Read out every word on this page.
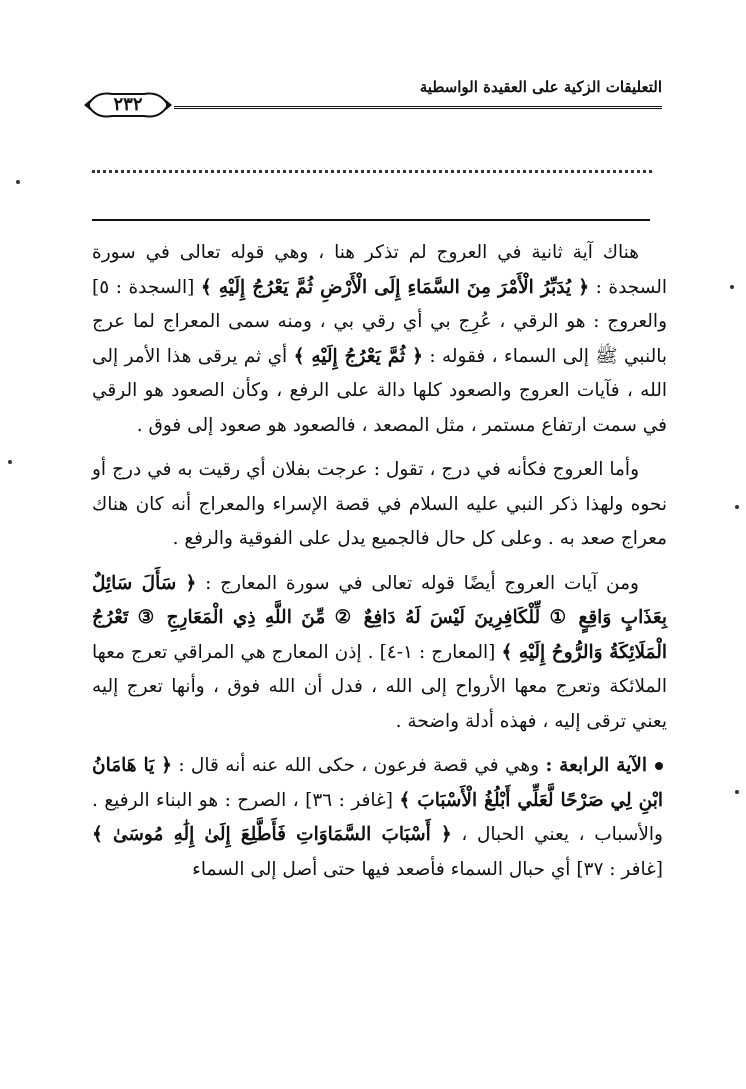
التعليقات الزكية على العقيدة الواسطية
٢٣٢

هناك آية ثانية في العروج لم تذكر هنا ، وهي قوله تعالى في سورة السجدة : ﴿ يُدَبِّرُ الْأَمْرَ مِنَ السَّمَاءِ إِلَى الْأَرْضِ ثُمَّ يَعْرُجُ إِلَيْهِ ﴾ [السجدة : ٥] والعروج : هو الرقي ، عُرِج بي أي رقي بي ، ومنه سمى المعراج لما عرج بالنبي ﷺ إلى السماء ، فقوله : ﴿ ثُمَّ يَعْرُجُ إِلَيْهِ ﴾ أي ثم يرقى هذا الأمر إلى الله ، فآيات العروج والصعود كلها دالة على الرفع ، وكأن الصعود هو الرقي في سمت ارتفاع مستمر ، مثل المصعد ، فالصعود هو صعود إلى فوق .

وأما العروج فكأنه في درج ، تقول : عرجت بفلان أي رقيت به في درج أو نحوه ولهذا ذكر النبي عليه السلام في قصة الإسراء والمعراج أنه كان هناك معراج صعد به . وعلى كل حال فالجميع يدل على الفوقية والرفع .

ومن آيات العروج أيضًا قوله تعالى في سورة المعارج : ﴿ سَأَلَ سَائِلٌ بِعَذَابٍ وَاقِعٍ ① لِّلْكَافِرِينَ لَيْسَ لَهُ دَافِعٌ ② مِّنَ اللَّهِ ذِي الْمَعَارِجِ ③ تَعْرُجُ الْمَلَائِكَةُ وَالرُّوحُ إِلَيْهِ ﴾ [المعارج : ١-٤] . إذن المعارج هي المراقي تعرج معها الملائكة وتعرج معها الأرواح إلى الله ، فدل أن الله فوق ، وأنها تعرج إليه يعني ترقى إليه ، فهذه أدلة واضحة .

الآية الرابعة : وهي في قصة فرعون ، حكى الله عنه أنه قال : ﴿ يَا هَامَانُ ابْنِ لِي صَرْحًا لَّعَلِّي أَبْلُغُ الْأَسْبَابَ ﴾ [غافر : ٣٦] ، الصرح : هو البناء الرفيع . والأسباب ، يعني الحبال ، ﴿ أَسْبَابَ السَّمَاوَاتِ فَأَطَّلِعَ إِلَىٰ إِلَٰهِ مُوسَىٰ ﴾ [غافر : ٣٧] أي حبال السماء فأصعد فيها حتى أصل إلى السماء
